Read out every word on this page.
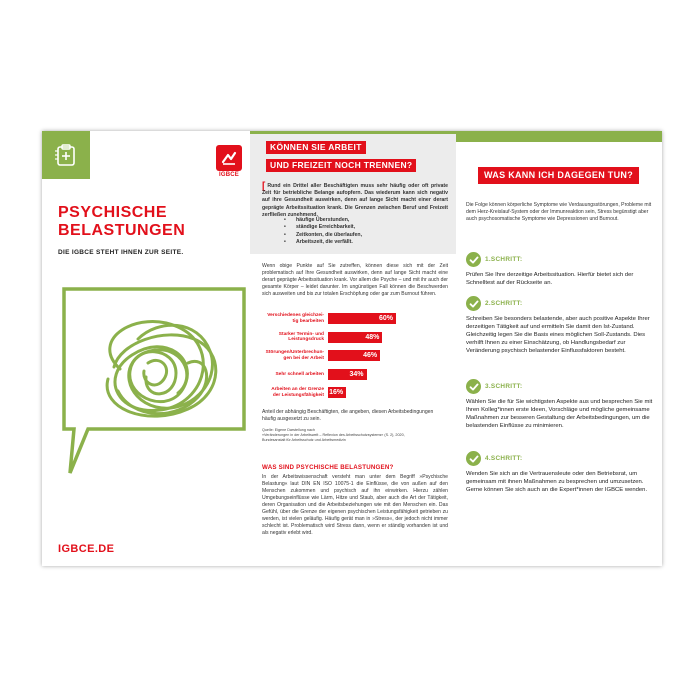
IGBCE
PSYCHISCHE
BELASTUNGEN
DIE IGBCE STEHT IHNEN ZUR SEITE.
IGBCE.DE
KÖNNEN SIE ARBEIT
UND FREIZEIT NOCH TRENNEN?
[ Rund ein Drittel aller Beschäftigten muss sehr häufig oder oft private Zeit für betriebliche Belange aufopfern. Das wiederum kann sich negativ auf ihre Gesundheit auswirken, denn auf lange Sicht macht einer derart geprägte Arbeitssituation krank. Die Grenzen zwischen Beruf und Freizeit zerfließen zunehmend.
• häufige Überstunden,
• ständige Erreichbarkeit,
• Zeitkonten, die überlaufen,
• Arbeitszeit, die verfällt.
Wenn obige Punkte auf Sie zutreffen, können diese sich mit der Zeit problematisch auf Ihre Gesundheit auswirken, denn auf lange Sicht macht eine derart geprägte Arbeitssituation krank. Vor allem die Psyche – und mit ihr auch der gesamte Körper – leidet darunter. Im ungünstigen Fall können die Beschwerden sich ausweiten und bis zur totalen Erschöpfung oder gar zum Burnout führen.
Verschiedenes gleichzei-
tig bearbeiten	60%
Starker Termin- und
Leistungsdruck	48%
Störungen/Unterbrechun-
gen bei der Arbeit	46%
Sehr schnell arbeiten	34%
Arbeiten an der Grenze
der Leistungsfähigkeit 16%
Anteil der abhängig Beschäftigten, die angeben, diesen Arbeitsbedingungen häufig ausgesetzt zu sein.
Quelle: Eigene Darstellung nach
»Veränderungen in der Arbeitswelt – Reflexion des Arbeitsschutzsystems« (S. 2), 2020,
Bundesanstalt für Arbeitsschutz und Arbeitsmedizin
WAS SIND PSYCHISCHE BELASTUNGEN?
In der Arbeitswissenschaft versteht man unter dem Begriff »Psychische Belastung« laut DIN EN ISO 10075-1 die Einflüsse, die von außen auf den Menschen zukommen und psychisch auf ihn einwirken. Hierzu zählen Umgebungseinflüsse wie Lärm, Hitze und Staub, aber auch die Art der Tätigkeit, deren Organisation und die Arbeitsbeziehungen wie mit den Menschen ein. Das Gefühl, über die Grenze der eigenen psychischen Leistungsfähigkeit getrieben zu werden, ist vielen geläufig. Häufig gerät man in »Stress«, der jedoch nicht immer schlecht ist. Problematisch wird Stress dann, wenn er ständig vorhanden ist und als negativ erlebt wird.
WAS KANN ICH DAGEGEN TUN?
Die Folge können körperliche Symptome wie Verdauungsstörungen, Probleme mit dem Herz-Kreislauf-System oder der Immunreaktion sein, Stress begünstigt aber auch psychosomatische Symptome wie Depressionen und Burnout.
1.SCHRITT:
Prüfen Sie Ihre derzeitige Arbeitssituation. Hierfür bietet sich der Schnelltest auf der Rückseite an.
2.SCHRITT:
Schreiben Sie besonders belastende, aber auch positive Aspekte Ihrer derzeitigen Tätigkeit auf und ermitteln Sie damit den Ist-Zustand. Gleichzeitig legen Sie die Basis eines möglichen Soll-Zustands. Dies verhilft Ihnen zu einer Einschätzung, ob Handlungsbedarf zur Veränderung psychisch belastender Einflussfaktoren besteht.
3.SCHRITT:
Wählen Sie die für Sie wichtigsten Aspekte aus und besprechen Sie mit Ihren Kolleg*innen erste Ideen, Vorschläge und mögliche gemeinsame Maßnahmen zur besseren Gestaltung der Arbeitsbedingungen, um die belastenden Einflüsse zu minimieren.
4.SCHRITT:
Wenden Sie sich an die Vertrauensleute oder den Betriebsrat, um gemeinsam mit ihnen Maßnahmen zu besprechen und umzusetzen. Gerne können Sie sich auch an die Expert*innen der IGBCE wenden.
